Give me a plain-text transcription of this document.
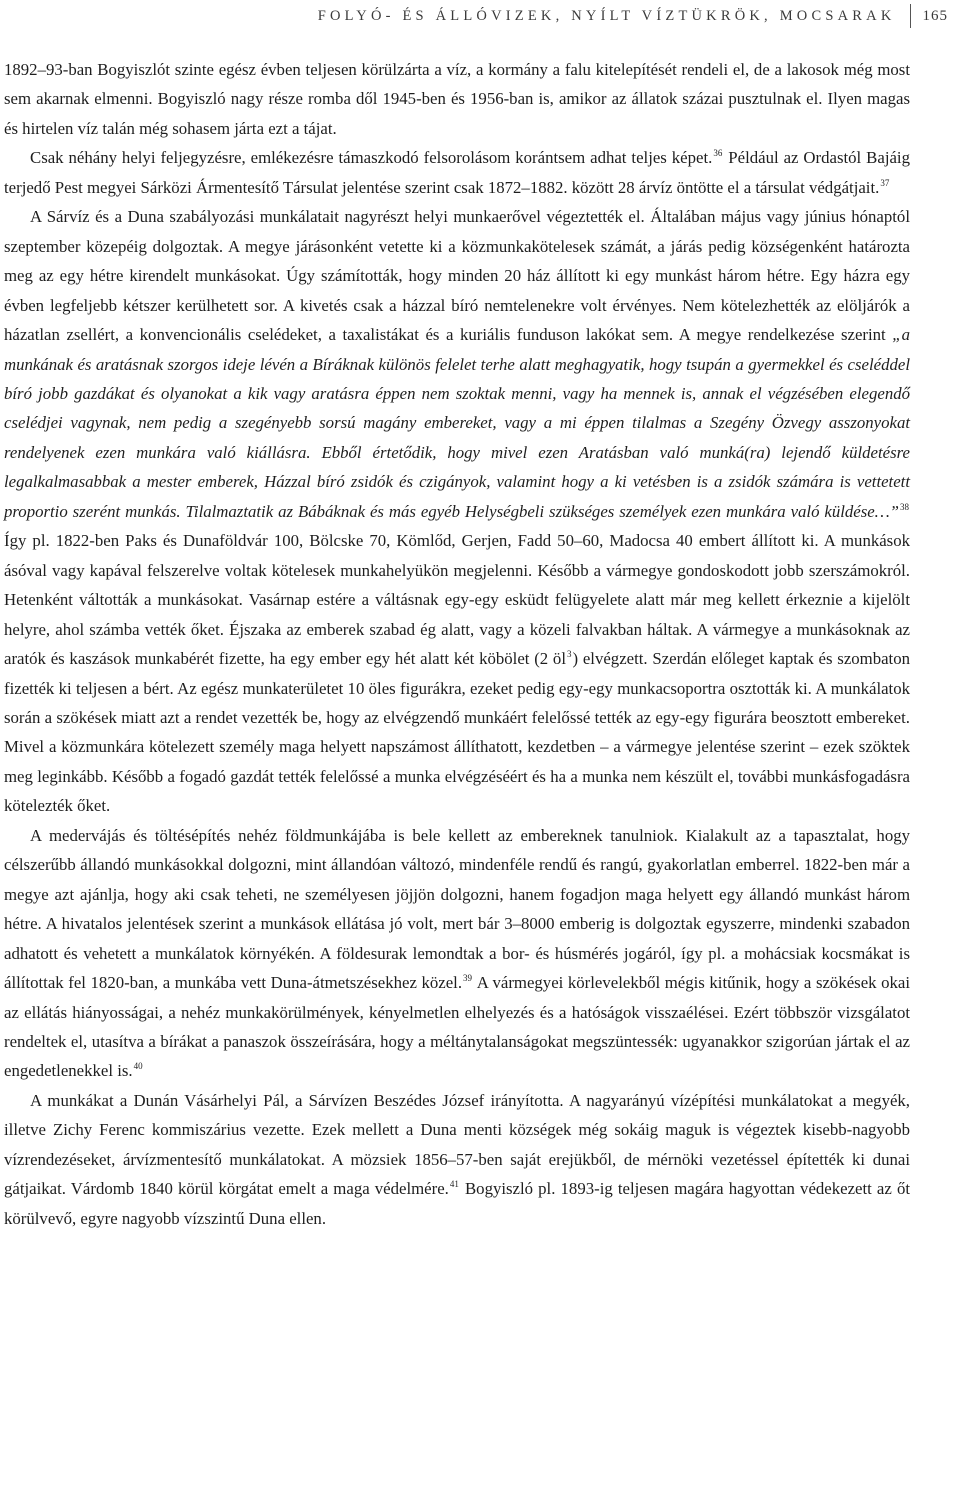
FOLYÓ- ÉS ÁLLÓVIZEK, NYÍLT VÍZTÜKRÖK, MOCSARAK	165

1892–93-ban Bogyiszlót szinte egész évben teljesen körülzárta a víz, a kormány a falu kitelepítését rendeli el, de a lakosok még most sem akarnak elmenni. Bogyiszló nagy része romba dől 1945-ben és 1956-ban is, amikor az állatok százai pusztulnak el. Ilyen magas és hirtelen víz talán még sohasem járta ezt a tájat.

Csak néhány helyi feljegyzésre, emlékezésre támaszkodó felsorolásom korántsem adhat teljes képet.$^{36}$ Például az Ordastól Bajáig terjedő Pest megyei Sárközi Ármentesítő Társulat jelentése szerint csak 1872–1882. között 28 árvíz öntötte el a társulat védgátjait.$^{37}$

A Sárvíz és a Duna szabályozási munkálatait nagyrészt helyi munkaerővel végeztették el. Általában május vagy június hónaptól szeptember közepéig dolgoztak. A megye járásonként vetette ki a közmunkakötelesek számát, a járás pedig községenként határozta meg az egy hétre kirendelt munkásokat. Úgy számították, hogy minden 20 ház állított ki egy munkást három hétre. Egy házra egy évben legfeljebb kétszer kerülhetett sor. A kivetés csak a házzal bíró nemtelenekre volt érvényes. Nem kötelezhették az elöljárók a házatlan zsellért, a konvencionális cselédeket, a taxalistákat és a kuriális funduson lakókat sem. A megye rendelkezése szerint „a munkának és aratásnak szorgos ideje lévén a Bíráknak különös felelet terhe alatt meghagyatik, hogy tsupán a gyermekkel és cseléddel bíró jobb gazdákat és olyanokat a kik vagy aratásra éppen nem szoktak menni, vagy ha mennek is, annak el végzésében elegendő cselédjei vagynak, nem pedig a szegényebb sorsú magány embereket, vagy a mi éppen tilalmas a Szegény Özvegy asszonyokat rendelyenek ezen munkára való kiállásra. Ebből értetődik, hogy mivel ezen Aratásban való munká(ra) lejendő küldetésre legalkalmasabbak a mester emberek, Házzal bíró zsidók és czigányok, valamint hogy a ki vetésben is a zsidók számára is vettetett proportio szerént munkás. Tilalmaztatik az Bábáknak és más egyéb Helységbeli szükséges személyek ezen munkára való küldése…”$^{38}$ Így pl. 1822-ben Paks és Dunaföldvár 100, Bölcske 70, Kömlőd, Gerjen, Fadd 50–60, Madocsa 40 embert állított ki. A munkások ásóval vagy kapával felszerelve voltak kötelesek munkahelyükön megjelenni. Később a vármegye gondoskodott jobb szerszámokról. Hetenként váltották a munkásokat. Vasárnap estére a váltásnak egy-egy esküdt felügyelete alatt már meg kellett érkeznie a kijelölt helyre, ahol számba vették őket. Éjszaka az emberek szabad ég alatt, vagy a közeli falvakban háltak. A vármegye a munkásoknak az aratók és kaszások munkabérét fizette, ha egy ember egy hét alatt két köbölet (2 öl$^3$) elvégzett. Szerdán előleget kaptak és szombaton fizették ki teljesen a bért. Az egész munkaterületet 10 öles figurákra, ezeket pedig egy-egy munkacsoportra osztották ki. A munkálatok során a szökések miatt azt a rendet vezették be, hogy az elvégzendő munkáért felelőssé tették az egy-egy figurára beosztott embereket. Mivel a közmunkára kötelezett személy maga helyett napszámost állíthatott, kezdetben – a vármegye jelentése szerint – ezek szöktek meg leginkább. Később a fogadó gazdát tették felelőssé a munka elvégzéséért és ha a munka nem készült el, további munkásfogadásra kötelezték őket.

A medervájás és töltésépítés nehéz földmunkájába is bele kellett az embereknek tanulniok. Kialakult az a tapasztalat, hogy célszerűbb állandó munkásokkal dolgozni, mint állandóan változó, mindenféle rendű és rangú, gyakorlatlan emberrel. 1822-ben már a megye azt ajánlja, hogy aki csak teheti, ne személyesen jöjjön dolgozni, hanem fogadjon maga helyett egy állandó munkást három hétre. A hivatalos jelentések szerint a munkások ellátása jó volt, mert bár 3–8000 emberig is dolgoztak egyszerre, mindenki szabadon adhatott és vehetett a munkálatok környékén. A földesurak lemondtak a bor- és húsmérés jogáról, így pl. a mohácsiak kocsmákat is állítottak fel 1820-ban, a munkába vett Duna-átmetszésekhez közel.$^{39}$ A vármegyei körlevelekből mégis kitűnik, hogy a szökések okai az ellátás hiányosságai, a nehéz munkakörülmények, kényelmetlen elhelyezés és a hatóságok visszaélései. Ezért többször vizsgálatot rendeltek el, utasítva a bírákat a panaszok összeírására, hogy a méltánytalanságokat megszüntessék: ugyanakkor szigorúan jártak el az engedetlenekkel is.$^{40}$

A munkákat a Dunán Vásárhelyi Pál, a Sárvízen Beszédes József irányította. A nagyarányú vízépítési munkálatokat a megyék, illetve Zichy Ferenc kommiszárius vezette. Ezek mellett a Duna menti községek még sokáig maguk is végeztek kisebb-nagyobb vízrendezéseket, árvízmentesítő munkálatokat. A mözsiek 1856–57-ben saját erejükből, de mérnöki vezetéssel építették ki dunai gátjaikat. Várdomb 1840 körül körgátat emelt a maga védelmére.$^{41}$ Bogyiszló pl. 1893-ig teljesen magára hagyottan védekezett az őt körülvevő, egyre nagyobb vízszintű Duna ellen.
